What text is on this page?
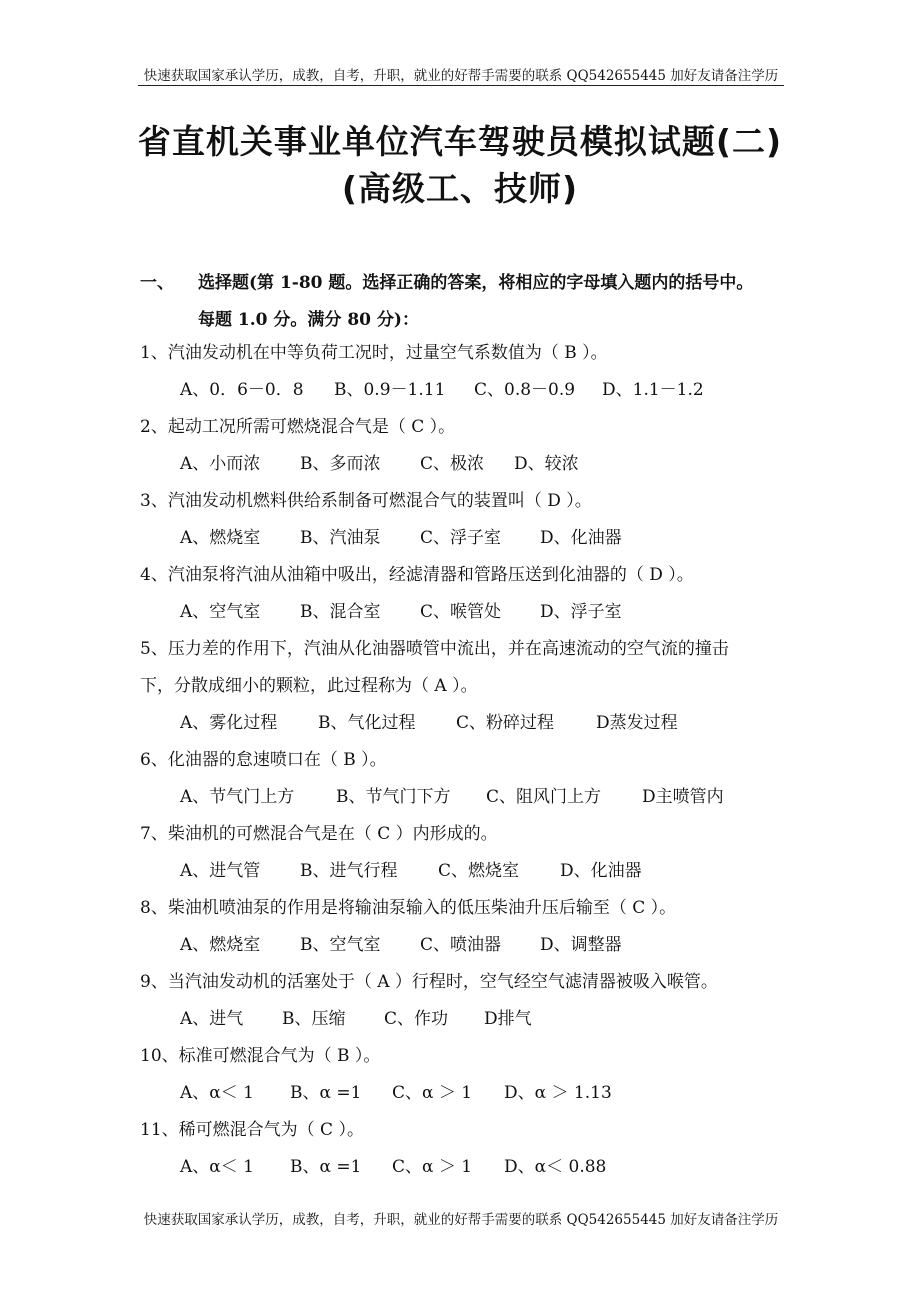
快速获取国家承认学历，成教，自考，升职，就业的好帮手需要的联系 QQ542655445 加好友请备注学历
省直机关事业单位汽车驾驶员模拟试题(二)
(高级工、技师)
一、 选择题(第 1-80 题。选择正确的答案，将相应的字母填入题内的括号中。
每题 1.0 分。满分 80 分)：
1、汽油发动机在中等负荷工况时，过量空气系数值为（ B ）。
A、0．6－0．8 B、0.9－1.11 C、0.8－0.9 D、1.1－1.2
2、起动工况所需可燃烧混合气是（ C ）。
A、小而浓 B、多而浓 C、极浓 D、较浓
3、汽油发动机燃料供给系制备可燃混合气的装置叫（ D ）。
A、燃烧室 B、汽油泵 C、浮子室 D、化油器
4、汽油泵将汽油从油箱中吸出，经滤清器和管路压送到化油器的（ D ）。
A、空气室 B、混合室 C、喉管处 D、浮子室
5、压力差的作用下，汽油从化油器喷管中流出，并在高速流动的空气流的撞击
下，分散成细小的颗粒，此过程称为（ A ）。
A、雾化过程 B、气化过程 C、粉碎过程 D蒸发过程
6、化油器的怠速喷口在（ B ）。
A、节气门上方 B、节气门下方 C、阻风门上方 D主喷管内
7、柴油机的可燃混合气是在（ C ）内形成的。
A、进气管 B、进气行程 C、燃烧室 D、化油器
8、柴油机喷油泵的作用是将输油泵输入的低压柴油升压后输至（ C ）。
A、燃烧室 B、空气室 C、喷油器 D、调整器
9、当汽油发动机的活塞处于（ A ）行程时，空气经空气滤清器被吸入喉管。
A、进气 B、压缩 C、作功 D排气
10、标准可燃混合气为（ B ）。
A、α＜ 1 B、α =1 C、α ＞ 1 D、α ＞ 1.13
11、稀可燃混合气为（ C ）。
A、α＜ 1 B、α =1 C、α ＞ 1 D、α＜ 0.88
快速获取国家承认学历，成教，自考，升职，就业的好帮手需要的联系 QQ542655445 加好友请备注学历
